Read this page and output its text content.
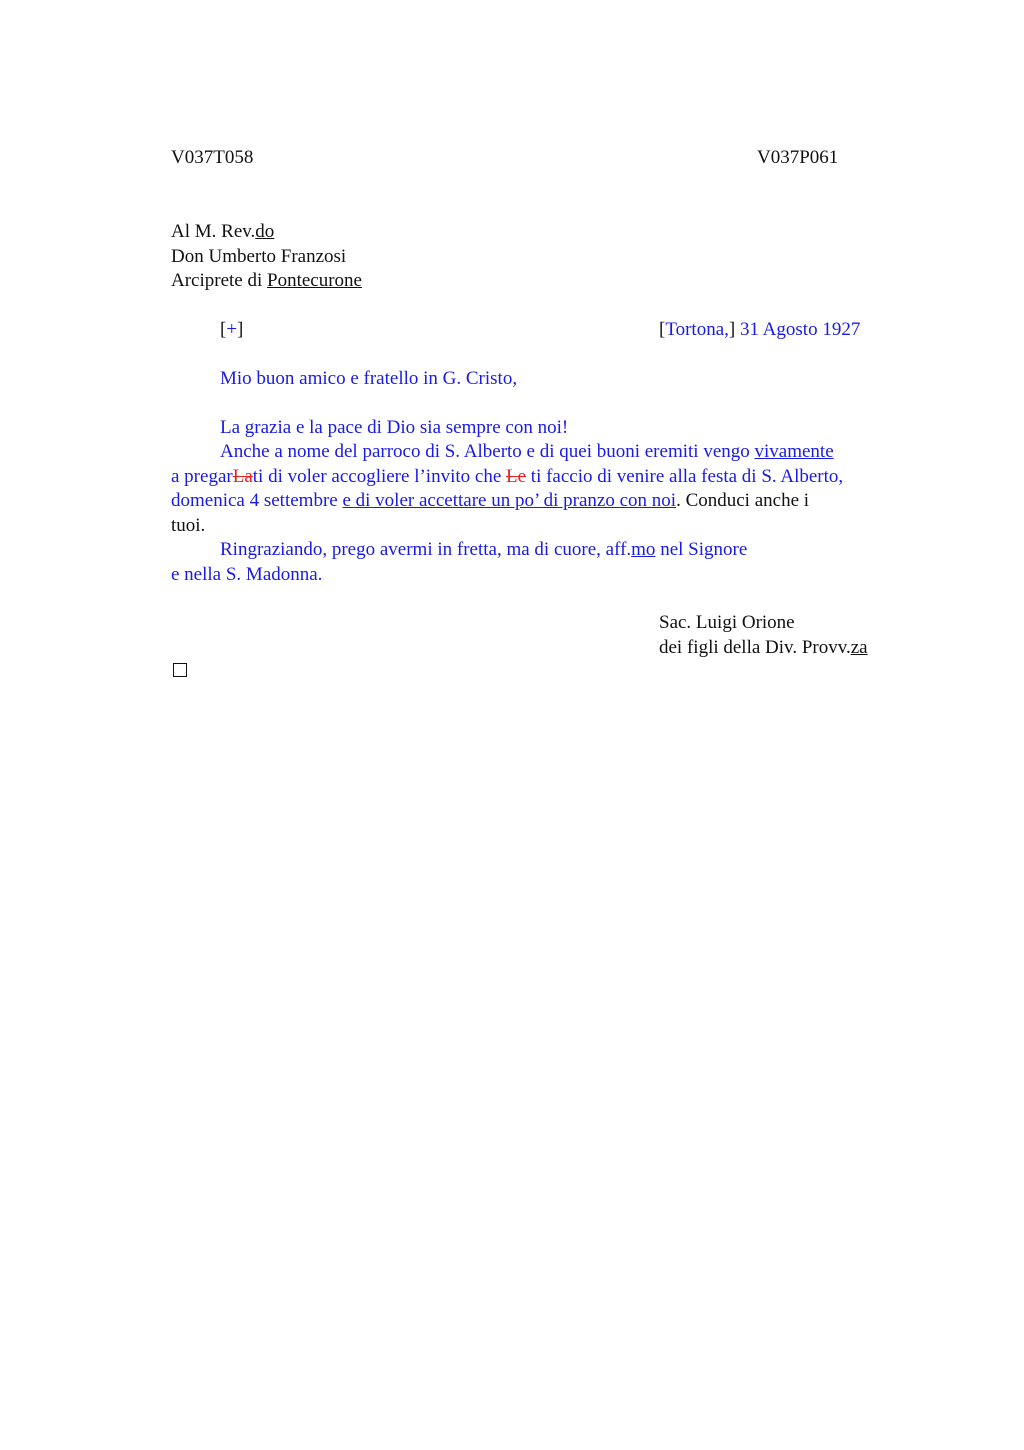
V037T058	V037P061
Al M. Rev.do
Don Umberto Franzosi
Arciprete di Pontecurone
[+]	[Tortona,] 31 Agosto 1927
Mio buon amico e fratello in G. Cristo,
La grazia e la pace di Dio sia sempre con noi!
Anche a nome del parroco di S. Alberto e di quei buoni eremiti vengo vivamente
a pregarLati di voler accogliere l’invito che Le ti faccio di venire alla festa di S. Alberto,
domenica 4 settembre e di voler accettare un po’ di pranzo con noi. Conduci anche i
tuoi.
Ringraziando, prego avermi in fretta, ma di cuore, aff.mo nel Signore
e nella S. Madonna.
Sac. Luigi Orione
dei figli della Div. Provv.za
